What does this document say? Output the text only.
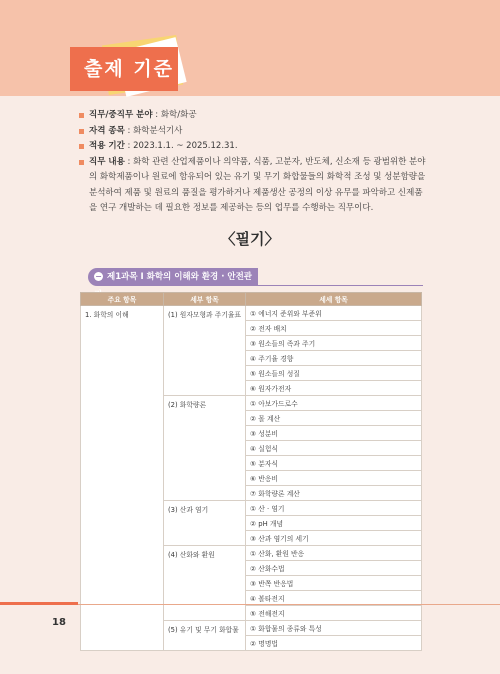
출제 기준
직무/중직무 분야 : 화학/화공
자격 종목 : 화학분석기사
적용 기간 : 2023.1.1. ~ 2025.12.31.
직무 내용 : 화학 관련 산업제품이나 의약품, 식품, 고분자, 반도체, 신소재 등 광범위한 분야의 화학제품이나 원료에 함유되어 있는 유기 및 무기 화합물들의 화학적 조성 및 성분함량을 분석하여 제품 및 원료의 품질을 평가하거나 제품생산 공정의 이상 유무를 파악하고 신제품을 연구 개발하는 데 필요한 정보를 제공하는 등의 업무를 수행하는 직무이다.
〈필기〉
− 제1과목 I 화학의 이해와 환경 · 안전관
주요 항목	세부 항목	세세 항목
1. 화학의 이해	(1) 원자모형과 주기율표	① 에너지 준위와 부준위
		② 전자 배치
		③ 원소들의 족과 주기
		④ 주기율 경향
		⑤ 원소들의 성질
		⑥ 원자가전자
	(2) 화학량론	① 아보가드로수
		② 몰 계산
		③ 성분비
		④ 실험식
		⑤ 분자식
		⑥ 반응비
		⑦ 화학량론 계산
	(3) 산과 염기	① 산 · 염기
		② pH 개념
		③ 산과 염기의 세기
	(4) 산화와 환원	① 산화, 환원 반응
		② 산화수법
		③ 반쪽 반응법
		④ 볼타전지
		⑤ 전해전지
	(5) 유기 및 무기 화합물	① 화합물의 종류와 특성
		② 명명법
18
